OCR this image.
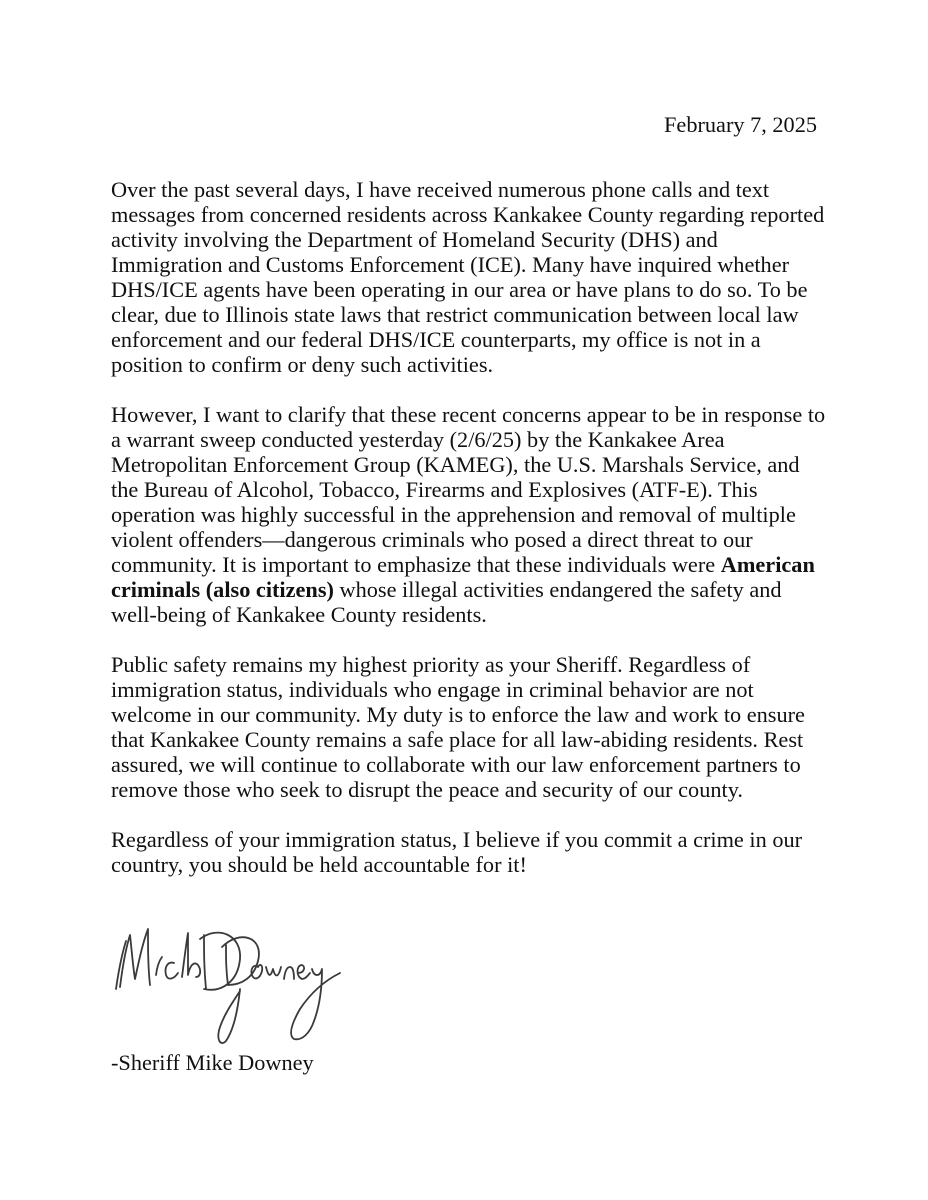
February 7, 2025

Over the past several days, I have received numerous phone calls and text messages from concerned residents across Kankakee County regarding reported activity involving the Department of Homeland Security (DHS) and Immigration and Customs Enforcement (ICE). Many have inquired whether DHS/ICE agents have been operating in our area or have plans to do so. To be clear, due to Illinois state laws that restrict communication between local law enforcement and our federal DHS/ICE counterparts, my office is not in a position to confirm or deny such activities.

However, I want to clarify that these recent concerns appear to be in response to a warrant sweep conducted yesterday (2/6/25) by the Kankakee Area Metropolitan Enforcement Group (KAMEG), the U.S. Marshals Service, and the Bureau of Alcohol, Tobacco, Firearms and Explosives (ATF-E). This operation was highly successful in the apprehension and removal of multiple violent offenders—dangerous criminals who posed a direct threat to our community. It is important to emphasize that these individuals were American criminals (also citizens) whose illegal activities endangered the safety and well-being of Kankakee County residents.

Public safety remains my highest priority as your Sheriff. Regardless of immigration status, individuals who engage in criminal behavior are not welcome in our community. My duty is to enforce the law and work to ensure that Kankakee County remains a safe place for all law-abiding residents. Rest assured, we will continue to collaborate with our law enforcement partners to remove those who seek to disrupt the peace and security of our county.

Regardless of your immigration status, I believe if you commit a crime in our country, you should be held accountable for it!

-Sheriff Mike Downey
